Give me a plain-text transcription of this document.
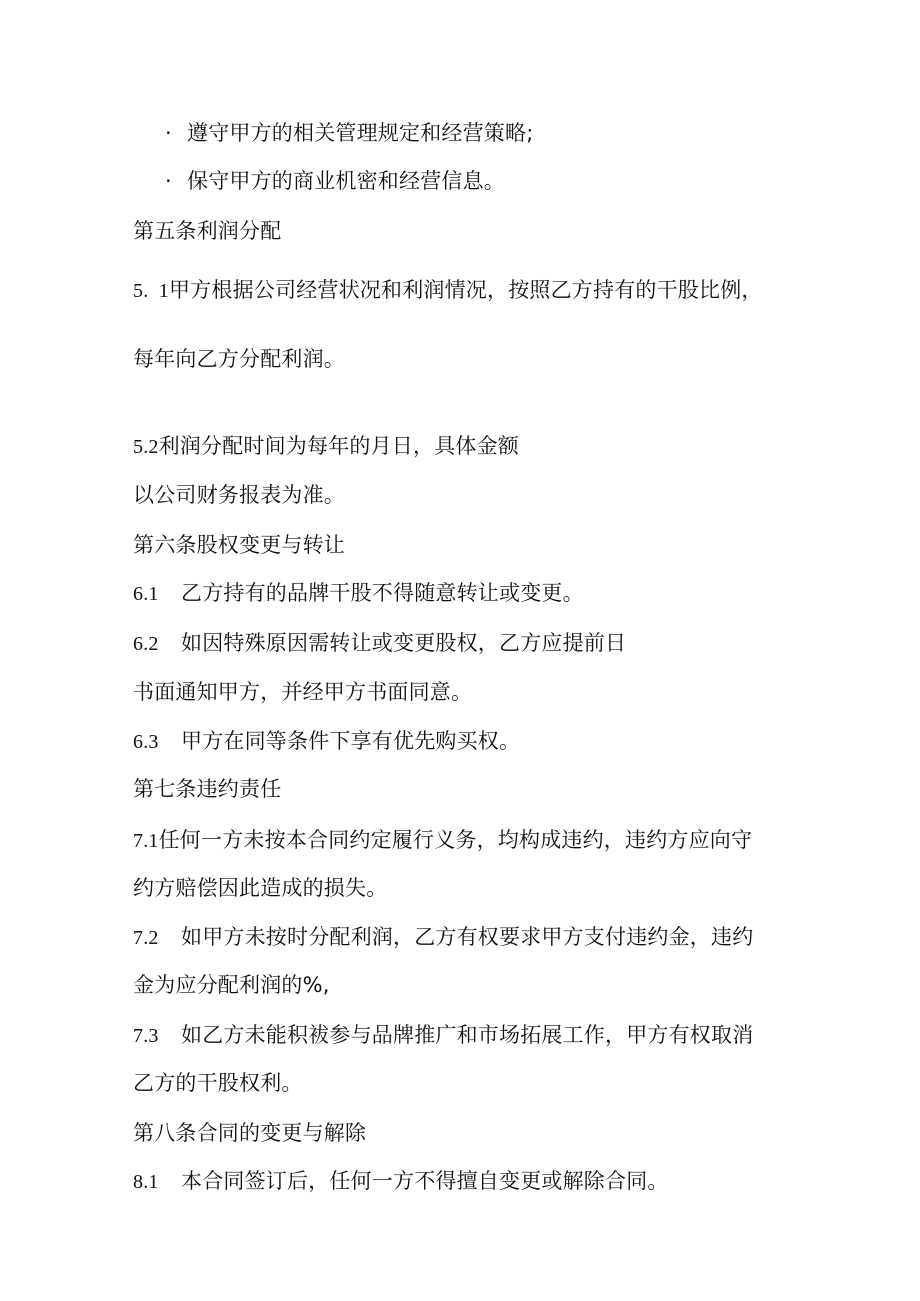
· 遵守甲方的相关管理规定和经营策略;
· 保守甲方的商业机密和经营信息。
第五条利润分配
5.  1甲方根据公司经营状况和利润情况，按照乙方持有的干股比例，
每年向乙方分配利润。
5.2利润分配时间为每年的月日，具体金额
以公司财务报表为准。
第六条股权变更与转让
6.1 乙方持有的品牌干股不得随意转让或变更。
6.2 如因特殊原因需转让或变更股权，乙方应提前日
书面通知甲方，并经甲方书面同意。
6.3 甲方在同等条件下享有优先购买权。
第七条违约责任
7.1任何一方未按本合同约定履行义务，均构成违约，违约方应向守
约方赔偿因此造成的损失。
7.2 如甲方未按时分配利润，乙方有权要求甲方支付违约金，违约
金为应分配利润的%,
7.3 如乙方未能积袚参与品牌推广和市场拓展工作，甲方有权取消
乙方的干股权利。
第八条合同的变更与解除
8.1 本合同签订后，任何一方不得擅自变更或解除合同。
